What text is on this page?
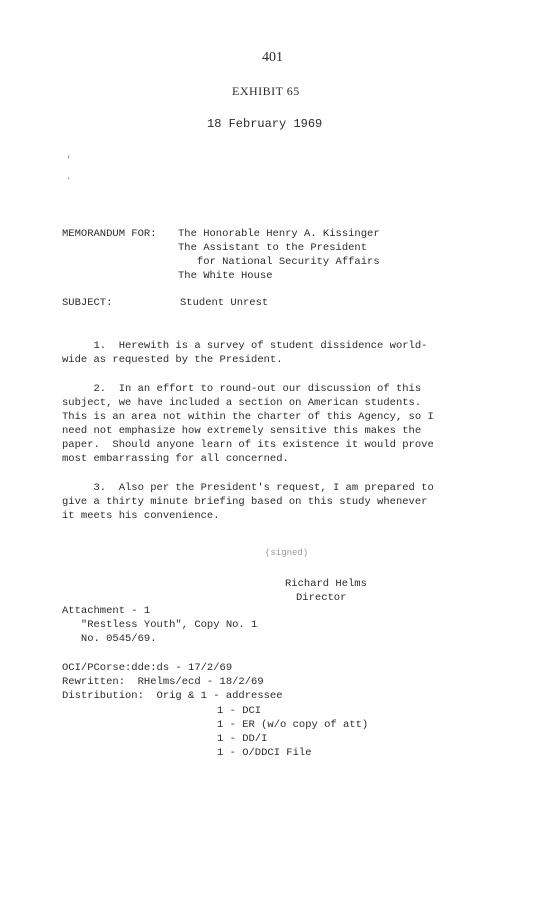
401
EXHIBIT 65
18 February 1969
'
.
MEMORANDUM FOR: The Honorable Henry A. Kissinger
The Assistant to the President
for National Security Affairs
The White House
SUBJECT:	Student Unrest
1.  Herewith is a survey of student dissidence world-
wide as requested by the President.
2.  In an effort to round-out our discussion of this
subject, we have included a section on American students.
This is an area not within the charter of this Agency, so I
need not emphasize how extremely sensitive this makes the
paper.  Should anyone learn of its existence it would prove
most embarrassing for all concerned.
3.  Also per the President's request, I am prepared to
give a thirty minute briefing based on this study whenever
it meets his convenience.
(signed)
Richard Helms
Director
Attachment - 1
"Restless Youth", Copy No. 1
No. 0545/69.
OCI/PCorse:dde:ds - 17/2/69
Rewritten:  RHelms/ecd - 18/2/69
Distribution:  Orig & 1 - addressee
1 - DCI
1 - ER (w/o copy of att)
1 - DD/I
1 - O/DDCI File
